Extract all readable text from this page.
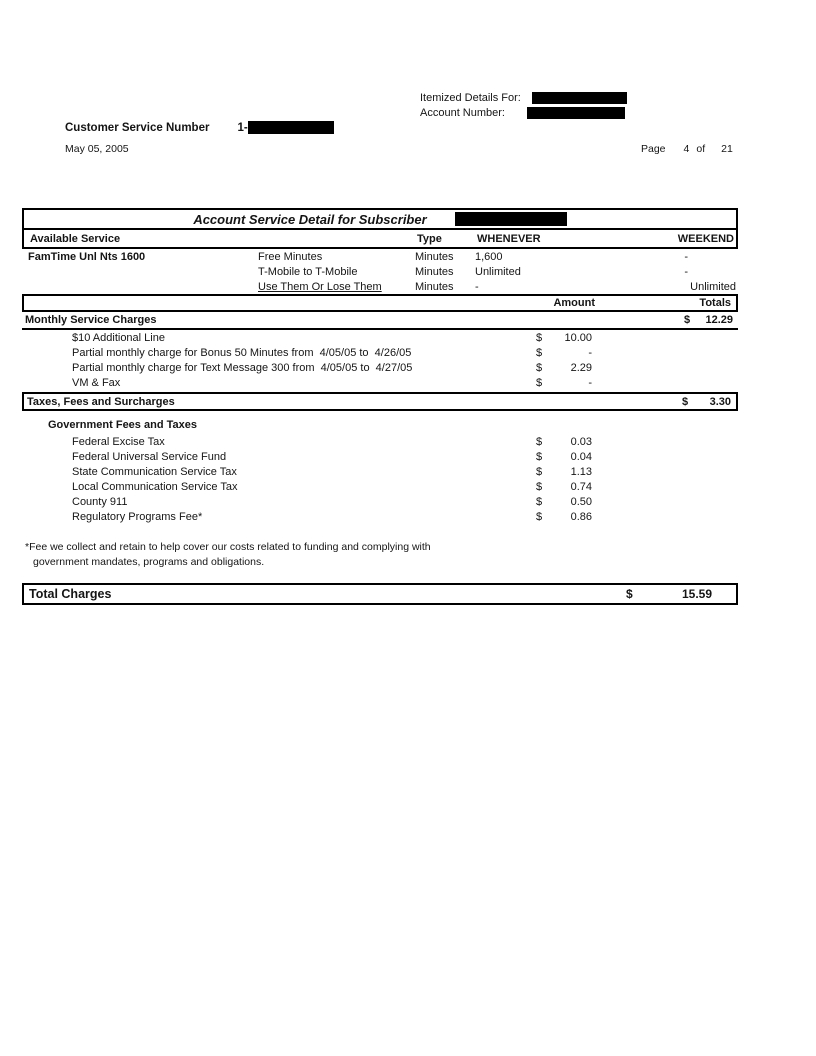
Itemized Details For:
Account Number:
Customer Service Number 1-
May 05, 2005	Page 4 of 21
Account Service Detail for Subscriber
Available Service	Type	WHENEVER	WEEKEND
FamTime Unl Nts 1600	Free Minutes	Minutes	1,600	-
T-Mobile to T-Mobile	Minutes	Unlimited	-
Use Them Or Lose Them	Minutes	-	Unlimited
Amount	Totals
Monthly Service Charges	$	12.29
$10 Additional Line	$	10.00
Partial monthly charge for Bonus 50 Minutes from  4/05/05 to  4/26/05	$	-
Partial monthly charge for Text Message 300 from  4/05/05 to  4/27/05	$	2.29
VM & Fax	$	-
Taxes, Fees and Surcharges	$	3.30
Government Fees and Taxes
Federal Excise Tax	$	0.03
Federal Universal Service Fund	$	0.04
State Communication Service Tax	$	1.13
Local Communication Service Tax	$	0.74
County 911	$	0.50
Regulatory Programs Fee*	$	0.86
*Fee we collect and retain to help cover our costs related to funding and complying with
government mandates, programs and obligations.
Total Charges	$	15.59
